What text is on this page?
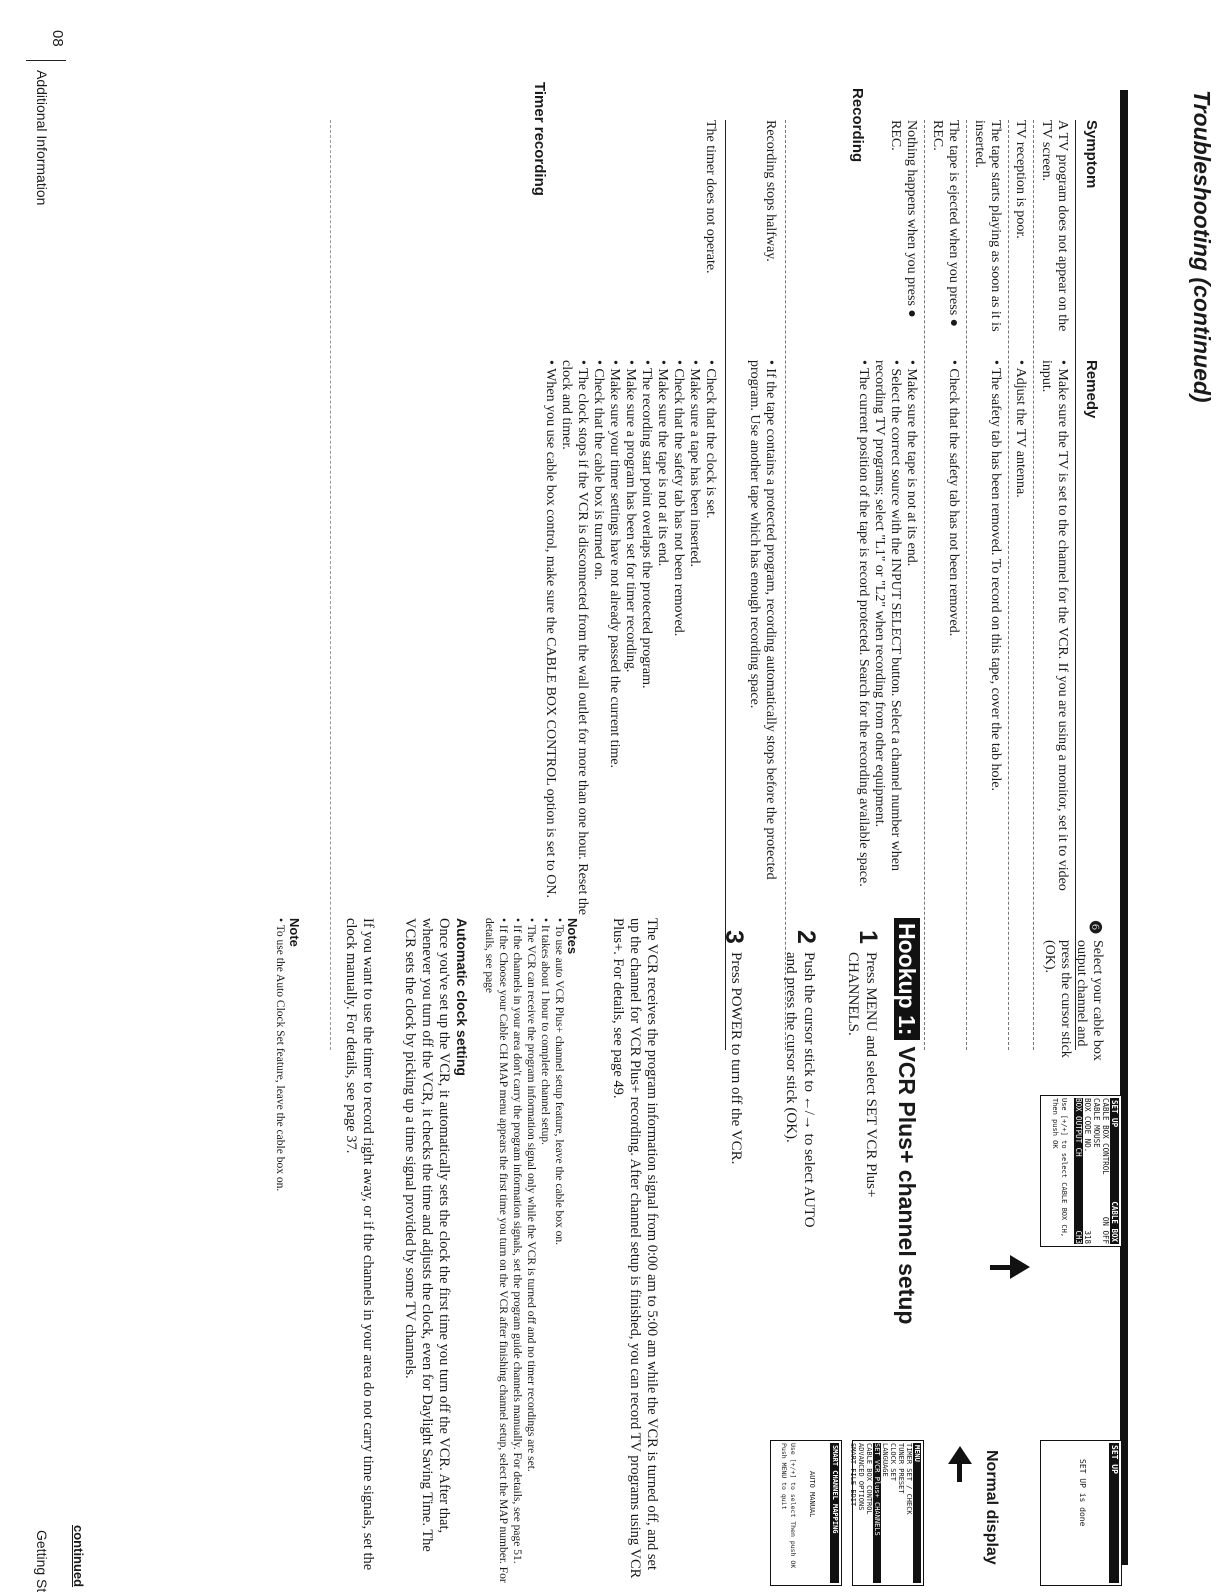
Troubleshooting (continued)
Recording
Timer recording	Symptom
Remedy
A TV program does not appear on the TV screen.
• Make sure the TV is set to the channel for the VCR. If you are using a monitor, set it to video input.
TV reception is poor.
• Adjust the TV antenna.
The tape starts playing as soon as it is inserted.
• The safety tab has been removed. To record on this tape, cover the tab hole.
The tape is ejected when you press ● REC.
• Check that the safety tab has not been removed.
Nothing happens when you press ● REC.
• Make sure the tape is not at its end.
• Select the correct source with the INPUT SELECT button. Select a channel number when recording TV programs; select "L1" or "L2" when recording from other equipment.
• The current position of the tape is record protected. Search for the recording available space.
Recording stops halfway.
• If the tape contains a protected program, recording automatically stops before the protected program. Use another tape which has enough recording space.
The timer does not operate.
• Check that the clock is set.
• Make sure a tape has been inserted.
• Check that the safety tab has not been removed.
• Make sure the tape is not at its end.
• The recording start point overlaps the protected program.
• Make sure a program has been set for timer recording.
• Make sure your timer settings have not already passed the current time.
• Check that the cable box is turned on.
• The clock stops if the VCR is disconnected from the wall outlet for more than one hour. Reset the clock and timer.
• When you use cable box control, make sure the CABLE BOX CONTROL option is set to ON.
08
Additional Information
❻
Select your cable box output channel and press the cursor stick (OK).
SET UP
CABLE BOX
CABLE BOX CONTROL
ON OFF
CABLE MOUSE
BOX CODE NO.
318
BOX OUTPUT CH
CH3
Use [+/+] to select CABLE BOX CH, Then push OK
SET UP
SET UP is done
Normal display
Hookup 1:VCR Plus+ channel setup
1
Press MENU and select SET VCR Plus+ CHANNELS.
MENU
TIMER SET / CHECK
TUNER PRESET
CLOCK SET
LANGUAGE
SET VCR Plus+ CHANNELS
CABLE BOX CONTROL
ADVANCED OPTIONS
SMART FILE EDIT
2
Push the cursor stick to ←/→ to select AUTO and press the cursor stick (OK).
SMART CHANNEL MAPPING
AUTO MANUAL
Use [+/+] to select Then push OK Push MENU to quit
3
Press POWER to turn off the VCR.
The VCR receives the program information signal from 0:00 am to 5:00 am while the VCR is turned off, and set up the channel for VCR Plus+ recording. After channel setup is finished, you can record TV programs using VCR Plus+. For details, see page 49.
Notes
• To use auto VCR Plus+ channel setup feature, leave the cable box on.
• It takes about 1 hour to complete channel setup.
• The VCR can receive the program information signal only while the VCR is turned off and no timer recordings are set.
• If the channels in your area don't carry the program information signals, set the program guide channels manually. For details, see page 51.
• If the Choose your Cable CH MAP menu appears the first time you turn on the VCR after finishing channel setup, select the MAP number. For details, see page
Automatic clock setting
Once you've set up the VCR, it automatically sets the clock the first time you turn off the VCR. After that, whenever you turn off the VCR, it checks the time and adjusts the clock, even for Daylight Saving Time. The VCR sets the clock by picking up a time signal provided by some TV channels.
If you want to use the timer to record right away, or if the channels in your area do not carry time signals, set the clock manually. For details, see page 37.
Note
• To use the Auto Clock Set feature, leave the cable box on.
continued
Getting St
